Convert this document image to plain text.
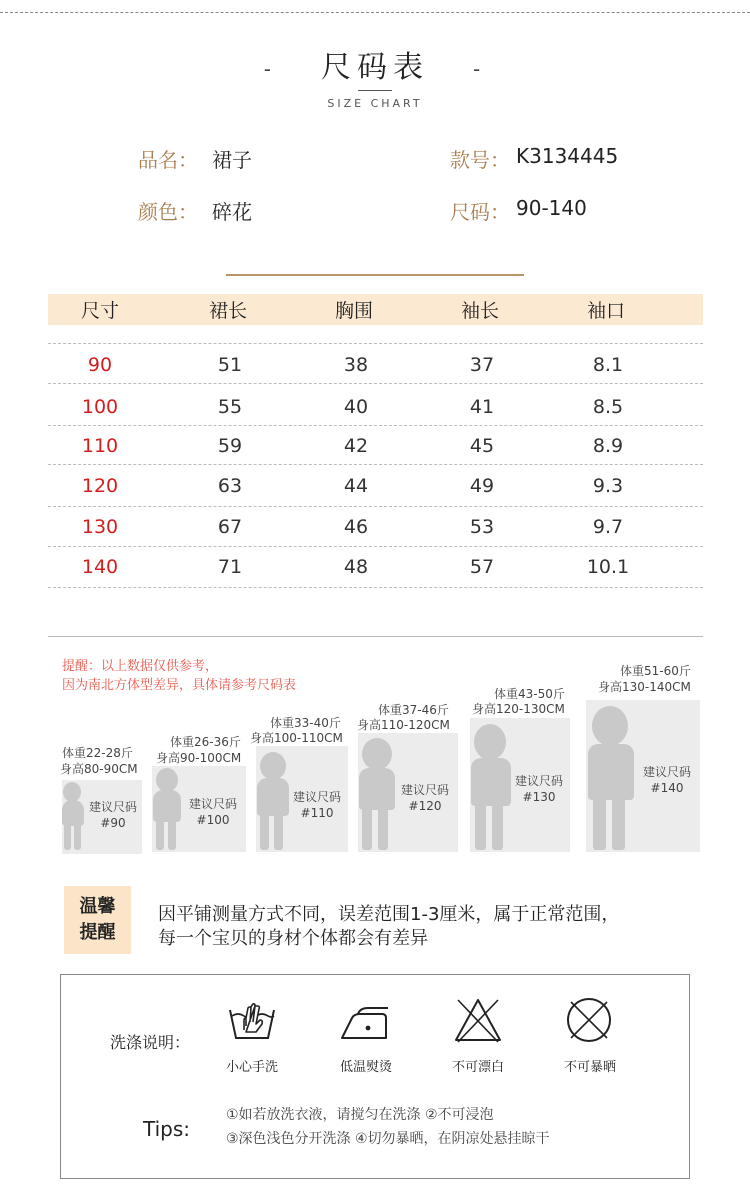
- 尺码表 -
SIZE CHART
品名： 裙子	款号： K3134445
颜色： 碎花	尺码： 90-140
尺寸	裙长	胸围	袖长	袖口
90	51	38	37	8.1
100	55	40	41	8.5
110	59	42	45	8.9
120	63	44	49	9.3
130	67	46	53	9.7
140	71	48	57	10.1
提醒：以上数据仅供参考，
因为南北方体型差异，具体请参考尺码表
体重22-28斤
身高80-90CM
建议尺码
#90
体重26-36斤
身高90-100CM
建议尺码
#100
体重33-40斤
身高100-110CM
建议尺码
#110
体重37-46斤
身高110-120CM
建议尺码
#120
体重43-50斤
身高120-130CM
建议尺码
#130
体重51-60斤
身高130-140CM
建议尺码
#140
温馨
提醒
因平铺测量方式不同，误差范围1-3厘米，属于正常范围，
每一个宝贝的身材个体都会有差异
洗涤说明：
小心手洗	低温熨烫	不可漂白	不可暴晒
Tips:
①如若放洗衣液，请搅匀在洗涤 ②不可浸泡
③深色浅色分开洗涤 ④切勿暴晒，在阴凉处悬挂晾干
